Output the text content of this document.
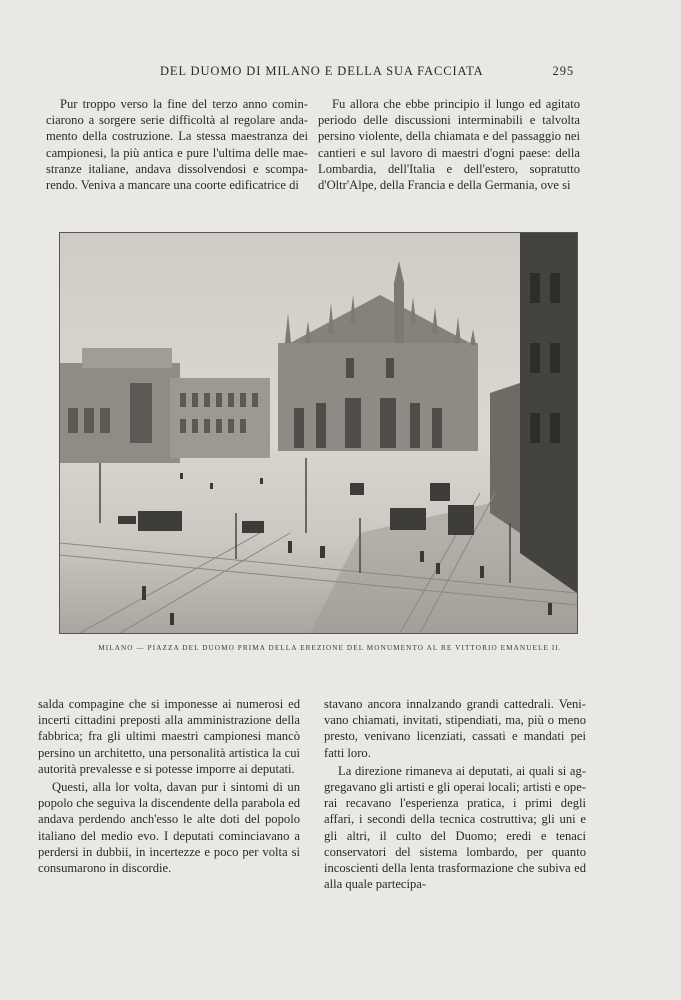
DEL DUOMO DI MILANO E DELLA SUA FACCIATA	295

Pur troppo verso la fine del terzo anno cominciarono a sorgere serie difficoltà al regolare andamento della costruzione. La stessa maestranza dei campionesi, la più antica e pure l'ultima delle maestranze italiane, andava dissolvendosi e scomparendo. Veniva a mancare una coorte edificatrice di

Fu allora che ebbe principio il lungo ed agitato periodo delle discussioni interminabili e talvolta persino violente, della chiamata e del passaggio nei cantieri e sul lavoro di maestri d'ogni paese: della Lombardia, dell'Italia e dell'estero, sopratutto d'Oltr'Alpe, della Francia e della Germania, ove si

MILANO — PIAZZA DEL DUOMO PRIMA DELLA EREZIONE DEL MONUMENTO AL RE VITTORIO EMANUELE II.

salda compagine che si imponesse ai numerosi ed incerti cittadini preposti alla amministrazione della fabbrica; fra gli ultimi maestri campionesi mancò persino un architetto, una personalità artistica la cui autorità prevalesse e si potesse imporre ai deputati.

Questi, alla lor volta, davan pur i sintomi di un popolo che seguiva la discendente della parabola ed andava perdendo anch'esso le alte doti del popolo italiano del medio evo. I deputati cominciavano a perdersi in dubbii, in incertezze e poco per volta si consumarono in discordie.

stavano ancora innalzando grandi cattedrali. Venivano chiamati, invitati, stipendiati, ma, più o meno presto, venivano licenziati, cassati e mandati pei fatti loro.

La direzione rimaneva ai deputati, ai quali si aggregavano gli artisti e gli operai locali; artisti e operai recavano l'esperienza pratica, i primi degli affari, i secondi della tecnica costruttiva; gli uni e gli altri, il culto del Duomo; eredi e tenaci conservatori del sistema lombardo, per quanto incoscienti della lenta trasformazione che subiva ed alla quale partecipa-
